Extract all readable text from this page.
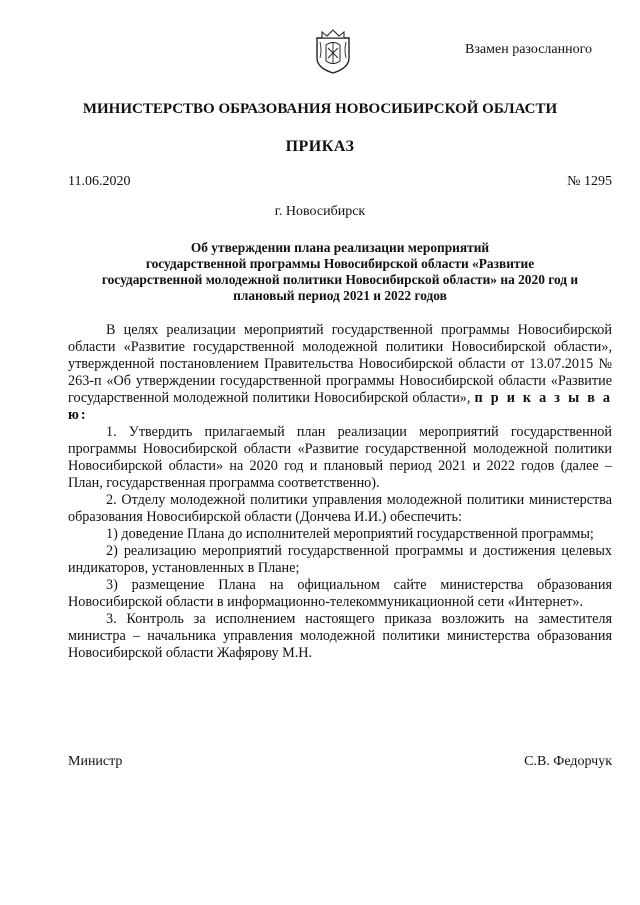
Взамен разосланного
МИНИСТЕРСТВО ОБРАЗОВАНИЯ НОВОСИБИРСКОЙ ОБЛАСТИ
ПРИКАЗ
11.06.2020	№ 1295
г. Новосибирск
Об утверждении плана реализации мероприятий
государственной программы Новосибирской области «Развитие
государственной молодежной политики Новосибирской области» на 2020 год и
плановый период 2021 и 2022 годов

В целях реализации мероприятий государственной программы Новосибирской области «Развитие государственной молодежной политики Новосибирской области», утвержденной постановлением Правительства Новосибирской области от 13.07.2015 № 263-п «Об утверждении государственной программы Новосибирской области «Развитие государственной молодежной политики Новосибирской области», п р и к а з ы в а ю:

1. Утвердить прилагаемый план реализации мероприятий государственной программы Новосибирской области «Развитие государственной молодежной политики Новосибирской области» на 2020 год и плановый период 2021 и 2022 годов (далее – План, государственная программа соответственно).

2. Отделу молодежной политики управления молодежной политики министерства образования Новосибирской области (Дончева И.И.) обеспечить:

1) доведение Плана до исполнителей мероприятий государственной программы;

2) реализацию мероприятий государственной программы и достижения целевых индикаторов, установленных в Плане;

3) размещение Плана на официальном сайте министерства образования Новосибирской области в информационно-телекоммуникационной сети «Интернет».

3. Контроль за исполнением настоящего приказа возложить на заместителя министра – начальника управления молодежной политики министерства образования Новосибирской области Жафярову М.Н.

Министр	С.В. Федорчук
